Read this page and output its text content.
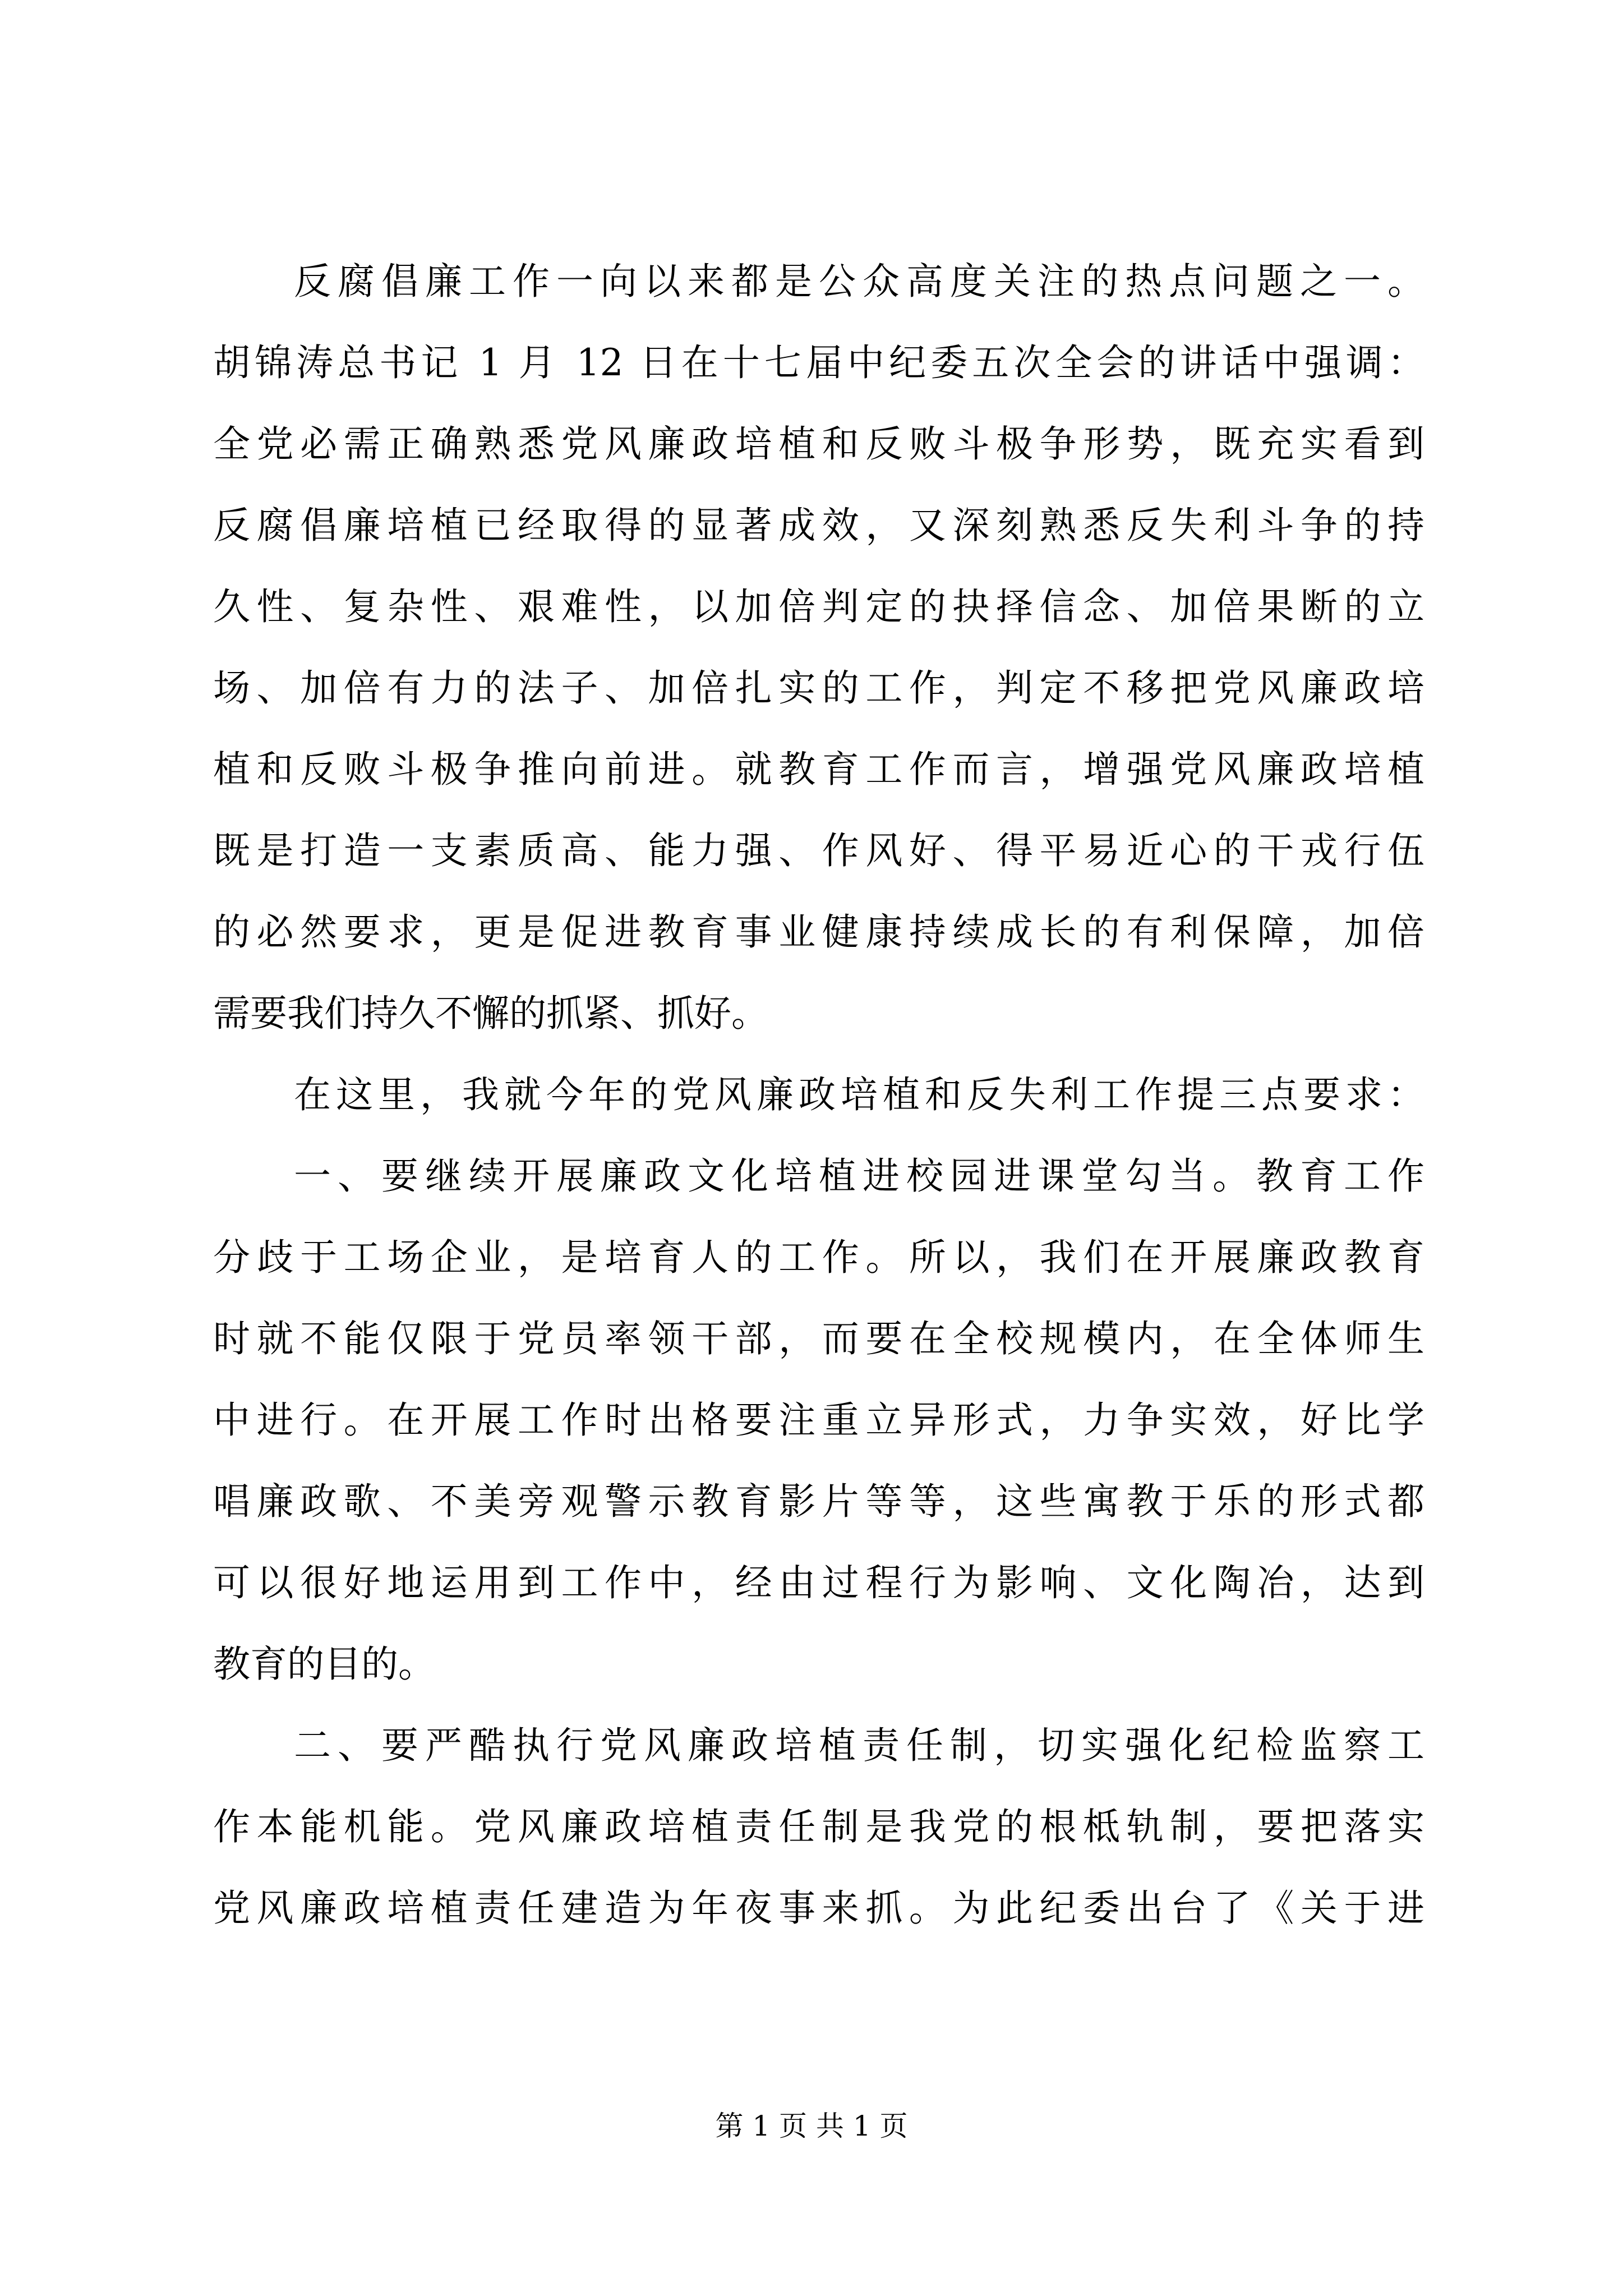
反腐倡廉工作一向以来都是公众高度关注的热点问题之一。
胡锦涛总书记 1 月 12 日在十七届中纪委五次全会的讲话中强调：
全党必需正确熟悉党风廉政培植和反败斗极争形势，既充实看到
反腐倡廉培植已经取得的显著成效，又深刻熟悉反失利斗争的持
久性、复杂性、艰难性，以加倍判定的抉择信念、加倍果断的立
场、加倍有力的法子、加倍扎实的工作，判定不移把党风廉政培
植和反败斗极争推向前进。就教育工作而言，增强党风廉政培植
既是打造一支素质高、能力强、作风好、得平易近心的干戎行伍
的必然要求，更是促进教育事业健康持续成长的有利保障，加倍
需要我们持久不懈的抓紧、抓好。
在这里，我就今年的党风廉政培植和反失利工作提三点要求：
一、要继续开展廉政文化培植进校园进课堂勾当。教育工作
分歧于工场企业，是培育人的工作。所以，我们在开展廉政教育
时就不能仅限于党员率领干部，而要在全校规模内，在全体师生
中进行。在开展工作时出格要注重立异形式，力争实效，好比学
唱廉政歌、不美旁观警示教育影片等等，这些寓教于乐的形式都
可以很好地运用到工作中，经由过程行为影响、文化陶冶，达到
教育的目的。
二、要严酷执行党风廉政培植责任制，切实强化纪检监察工
作本能机能。党风廉政培植责任制是我党的根柢轨制，要把落实
党风廉政培植责任建造为年夜事来抓。为此纪委出台了《关于进
第 1 页 共 1 页
